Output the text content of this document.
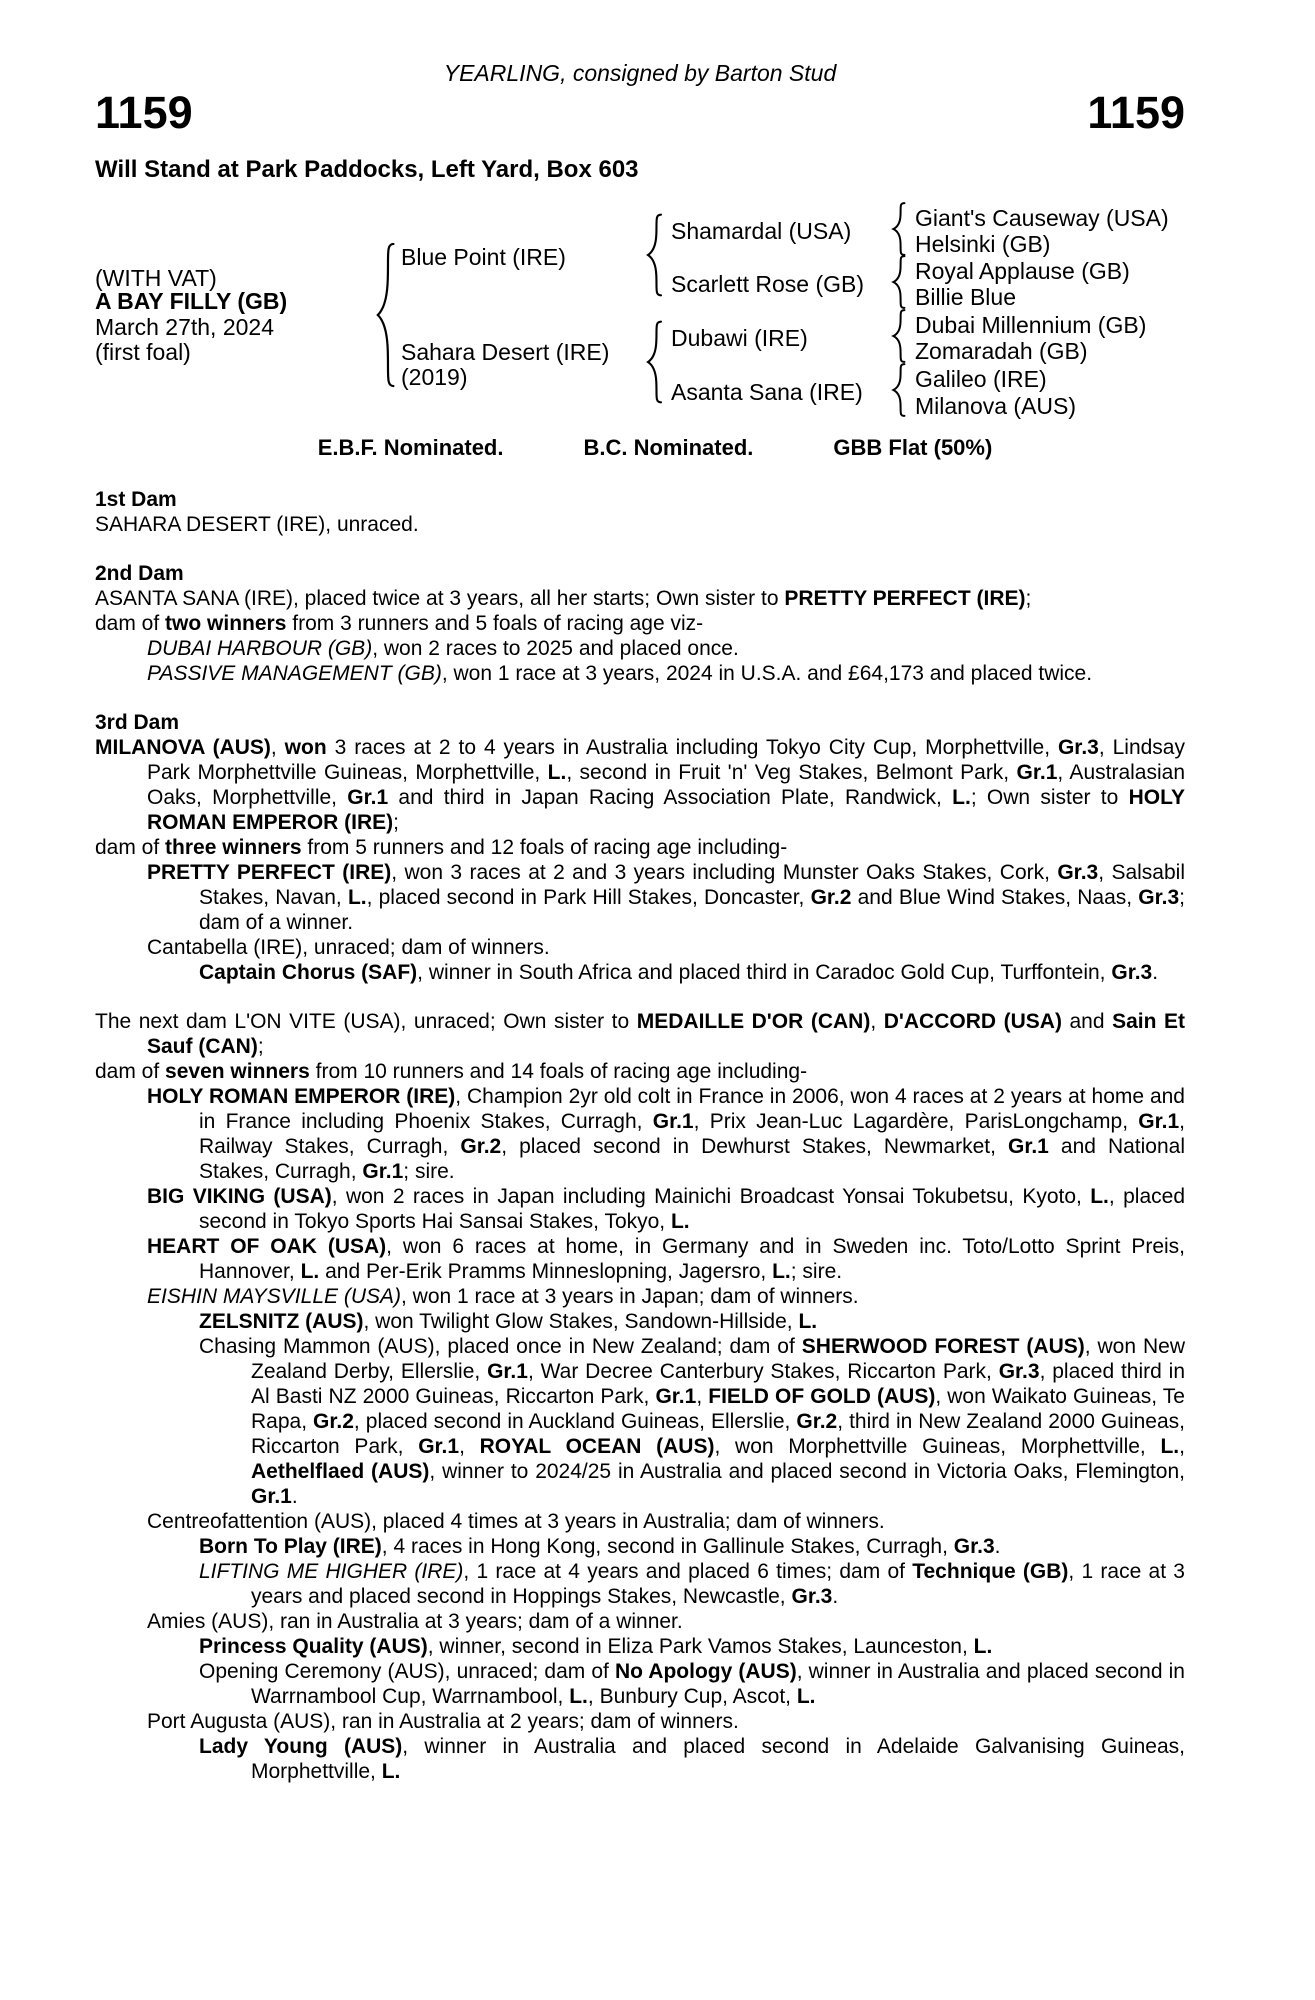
YEARLING, consigned by Barton Stud
1159	1159
Will Stand at Park Paddocks, Left Yard, Box 603
(WITH VAT)
A BAY FILLY (GB)
March 27th, 2024
(first foal)
Blue Point (IRE)
Sahara Desert (IRE)
(2019)
Shamardal (USA)
Scarlett Rose (GB)
Dubawi (IRE)
Asanta Sana (IRE)
Giant's Causeway (USA)
Helsinki (GB)
Royal Applause (GB)
Billie Blue
Dubai Millennium (GB)
Zomaradah (GB)
Galileo (IRE)
Milanova (AUS)
E.B.F. Nominated.	B.C. Nominated.	GBB Flat (50%)
1st Dam

SAHARA DESERT (IRE), unraced.

2nd Dam

ASANTA SANA (IRE), placed twice at 3 years, all her starts; Own sister to PRETTY PERFECT (IRE);

dam of two winners from 3 runners and 5 foals of racing age viz-

DUBAI HARBOUR (GB), won 2 races to 2025 and placed once.

PASSIVE MANAGEMENT (GB), won 1 race at 3 years, 2024 in U.S.A. and £64,173 and placed twice.

3rd Dam

MILANOVA (AUS), won 3 races at 2 to 4 years in Australia including Tokyo City Cup, Morphettville, Gr.3, Lindsay Park Morphettville Guineas, Morphettville, L., second in Fruit 'n' Veg Stakes, Belmont Park, Gr.1, Australasian Oaks, Morphettville, Gr.1 and third in Japan Racing Association Plate, Randwick, L.; Own sister to HOLY ROMAN EMPEROR (IRE);

dam of three winners from 5 runners and 12 foals of racing age including-

PRETTY PERFECT (IRE), won 3 races at 2 and 3 years including Munster Oaks Stakes, Cork, Gr.3, Salsabil Stakes, Navan, L., placed second in Park Hill Stakes, Doncaster, Gr.2 and Blue Wind Stakes, Naas, Gr.3; dam of a winner.

Cantabella (IRE), unraced; dam of winners.

Captain Chorus (SAF), winner in South Africa and placed third in Caradoc Gold Cup, Turffontein, Gr.3.

The next dam L'ON VITE (USA), unraced; Own sister to MEDAILLE D'OR (CAN), D'ACCORD (USA) and Sain Et Sauf (CAN);

dam of seven winners from 10 runners and 14 foals of racing age including-

HOLY ROMAN EMPEROR (IRE), Champion 2yr old colt in France in 2006, won 4 races at 2 years at home and in France including Phoenix Stakes, Curragh, Gr.1, Prix Jean-Luc Lagardère, ParisLongchamp, Gr.1, Railway Stakes, Curragh, Gr.2, placed second in Dewhurst Stakes, Newmarket, Gr.1 and National Stakes, Curragh, Gr.1; sire.

BIG VIKING (USA), won 2 races in Japan including Mainichi Broadcast Yonsai Tokubetsu, Kyoto, L., placed second in Tokyo Sports Hai Sansai Stakes, Tokyo, L.

HEART OF OAK (USA), won 6 races at home, in Germany and in Sweden inc. Toto/Lotto Sprint Preis, Hannover, L. and Per-Erik Pramms Minneslopning, Jagersro, L.; sire.

EISHIN MAYSVILLE (USA), won 1 race at 3 years in Japan; dam of winners.

ZELSNITZ (AUS), won Twilight Glow Stakes, Sandown-Hillside, L.

Chasing Mammon (AUS), placed once in New Zealand; dam of SHERWOOD FOREST (AUS), won New Zealand Derby, Ellerslie, Gr.1, War Decree Canterbury Stakes, Riccarton Park, Gr.3, placed third in Al Basti NZ 2000 Guineas, Riccarton Park, Gr.1, FIELD OF GOLD (AUS), won Waikato Guineas, Te Rapa, Gr.2, placed second in Auckland Guineas, Ellerslie, Gr.2, third in New Zealand 2000 Guineas, Riccarton Park, Gr.1, ROYAL OCEAN (AUS), won Morphettville Guineas, Morphettville, L., Aethelflaed (AUS), winner to 2024/25 in Australia and placed second in Victoria Oaks, Flemington, Gr.1.

Centreofattention (AUS), placed 4 times at 3 years in Australia; dam of winners.

Born To Play (IRE), 4 races in Hong Kong, second in Gallinule Stakes, Curragh, Gr.3.

LIFTING ME HIGHER (IRE), 1 race at 4 years and placed 6 times; dam of Technique (GB), 1 race at 3 years and placed second in Hoppings Stakes, Newcastle, Gr.3.

Amies (AUS), ran in Australia at 3 years; dam of a winner.

Princess Quality (AUS), winner, second in Eliza Park Vamos Stakes, Launceston, L.

Opening Ceremony (AUS), unraced; dam of No Apology (AUS), winner in Australia and placed second in Warrnambool Cup, Warrnambool, L., Bunbury Cup, Ascot, L.

Port Augusta (AUS), ran in Australia at 2 years; dam of winners.

Lady Young (AUS), winner in Australia and placed second in Adelaide Galvanising Guineas, Morphettville, L.
